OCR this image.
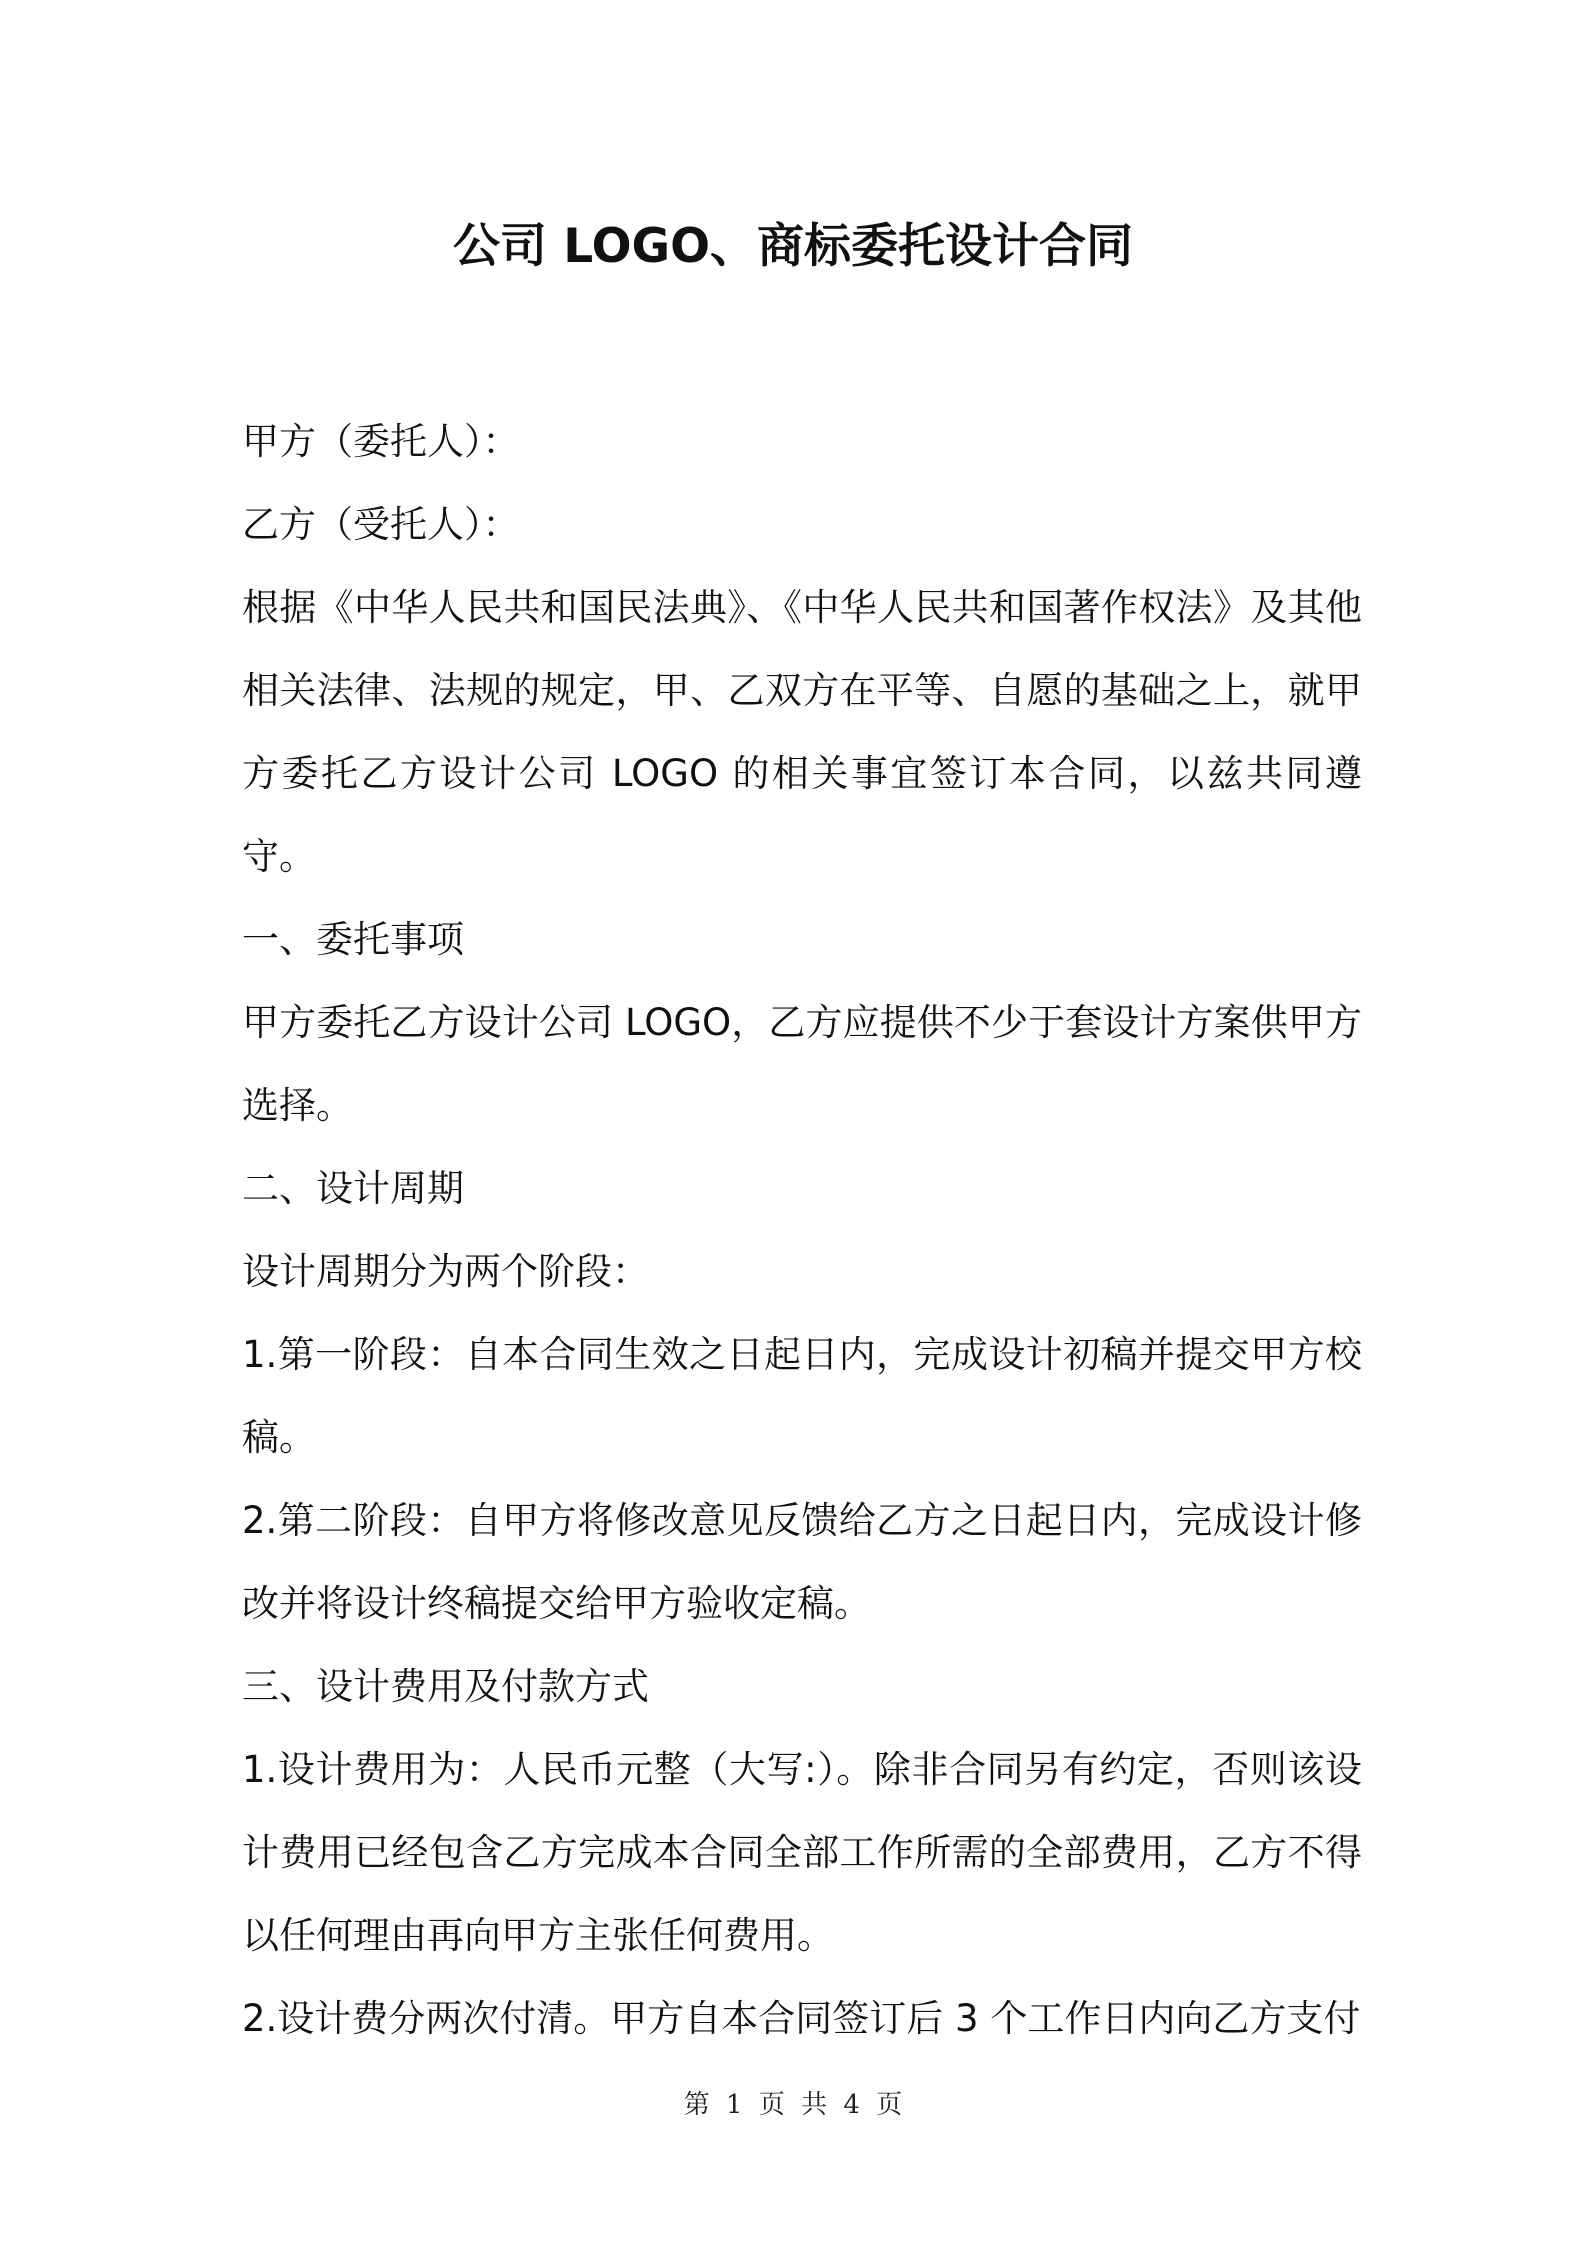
公司 LOGO、商标委托设计合同

甲方（委托人）：

乙方（受托人）：

根据《中华人民共和国民法典》、《中华人民共和国著作权法》及其他相关法律、法规的规定，甲、乙双方在平等、自愿的基础之上，就甲方委托乙方设计公司 LOGO 的相关事宜签订本合同，以兹共同遵守。

一、委托事项

甲方委托乙方设计公司 LOGO，乙方应提供不少于套设计方案供甲方选择。

二、设计周期

设计周期分为两个阶段：

1.第一阶段：自本合同生效之日起日内，完成设计初稿并提交甲方校稿。

2.第二阶段：自甲方将修改意见反馈给乙方之日起日内，完成设计修改并将设计终稿提交给甲方验收定稿。

三、设计费用及付款方式

1.设计费用为：人民币元整（大写:）。除非合同另有约定，否则该设计费用已经包含乙方完成本合同全部工作所需的全部费用，乙方不得以任何理由再向甲方主张任何费用。

2.设计费分两次付清。甲方自本合同签订后 3 个工作日内向乙方支付

第 1 页 共 4 页
